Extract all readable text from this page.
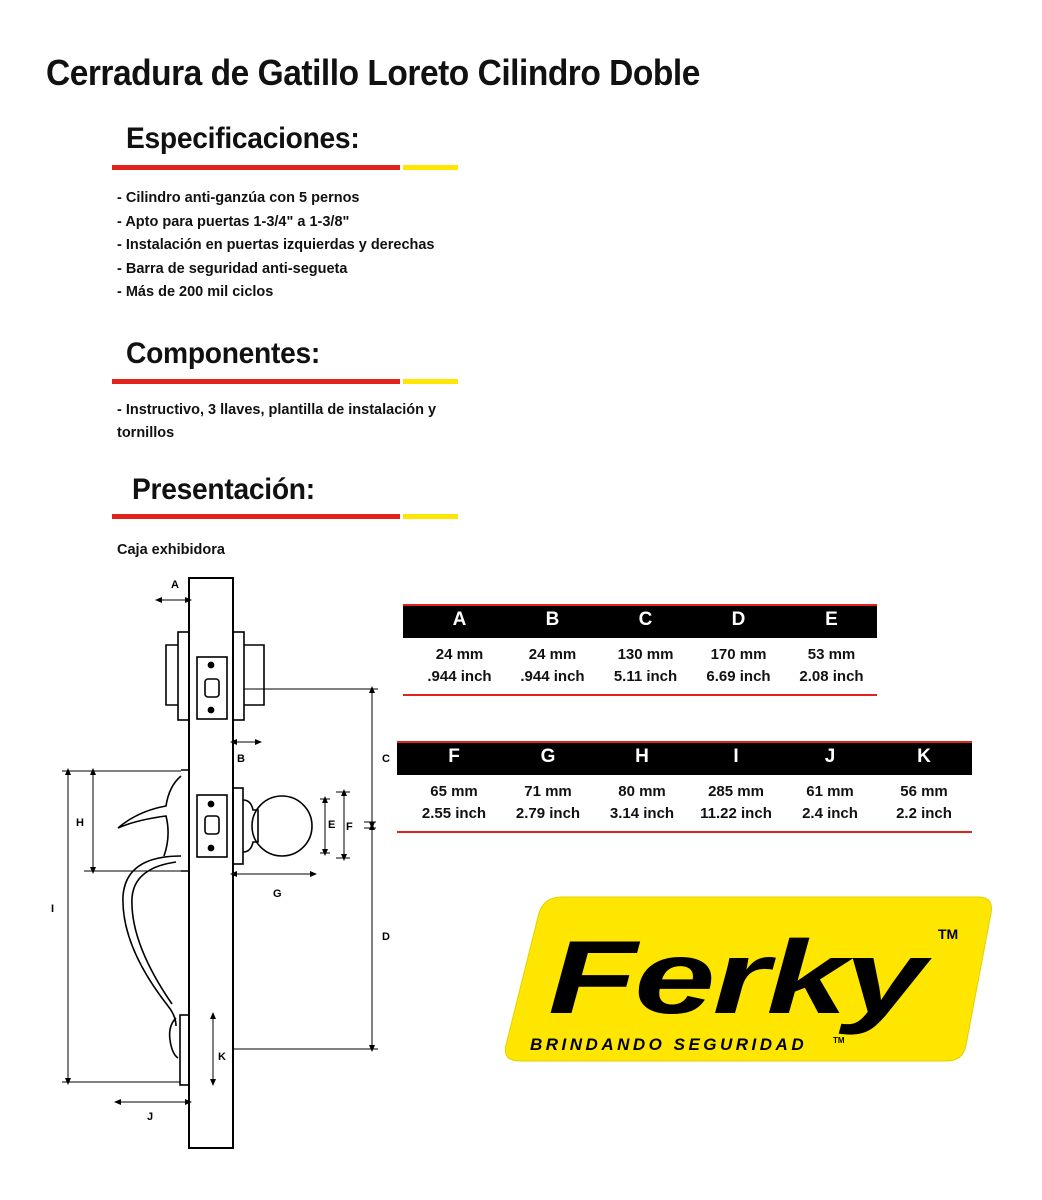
Cerradura de Gatillo Loreto Cilindro Doble
Especificaciones:
- Cilindro anti-ganzúa con 5 pernos
- Apto para puertas 1-3/4" a 1-3/8"
- Instalación en puertas izquierdas y derechas
- Barra de seguridad anti-segueta
- Más de 200 mil ciclos
Componentes:
- Instructivo, 3 llaves, plantilla de instalación y tornillos
Presentación:
Caja exhibidora
A
B	C
D
E F
G
H
I
J
K
A
24 mm
.944 inch
B
24 mm
.944 inch
C
130 mm
5.11 inch
D
170 mm
6.69 inch
E
53 mm
2.08 inch
F
65 mm
2.55 inch
G
71 mm
2.79 inch
H
80 mm
3.14 inch
I
285 mm
11.22 inch
J
61 mm
2.4 inch
K
56 mm
2.2 inch
Ferky TM
BRINDANDO SEGURIDAD	TM
